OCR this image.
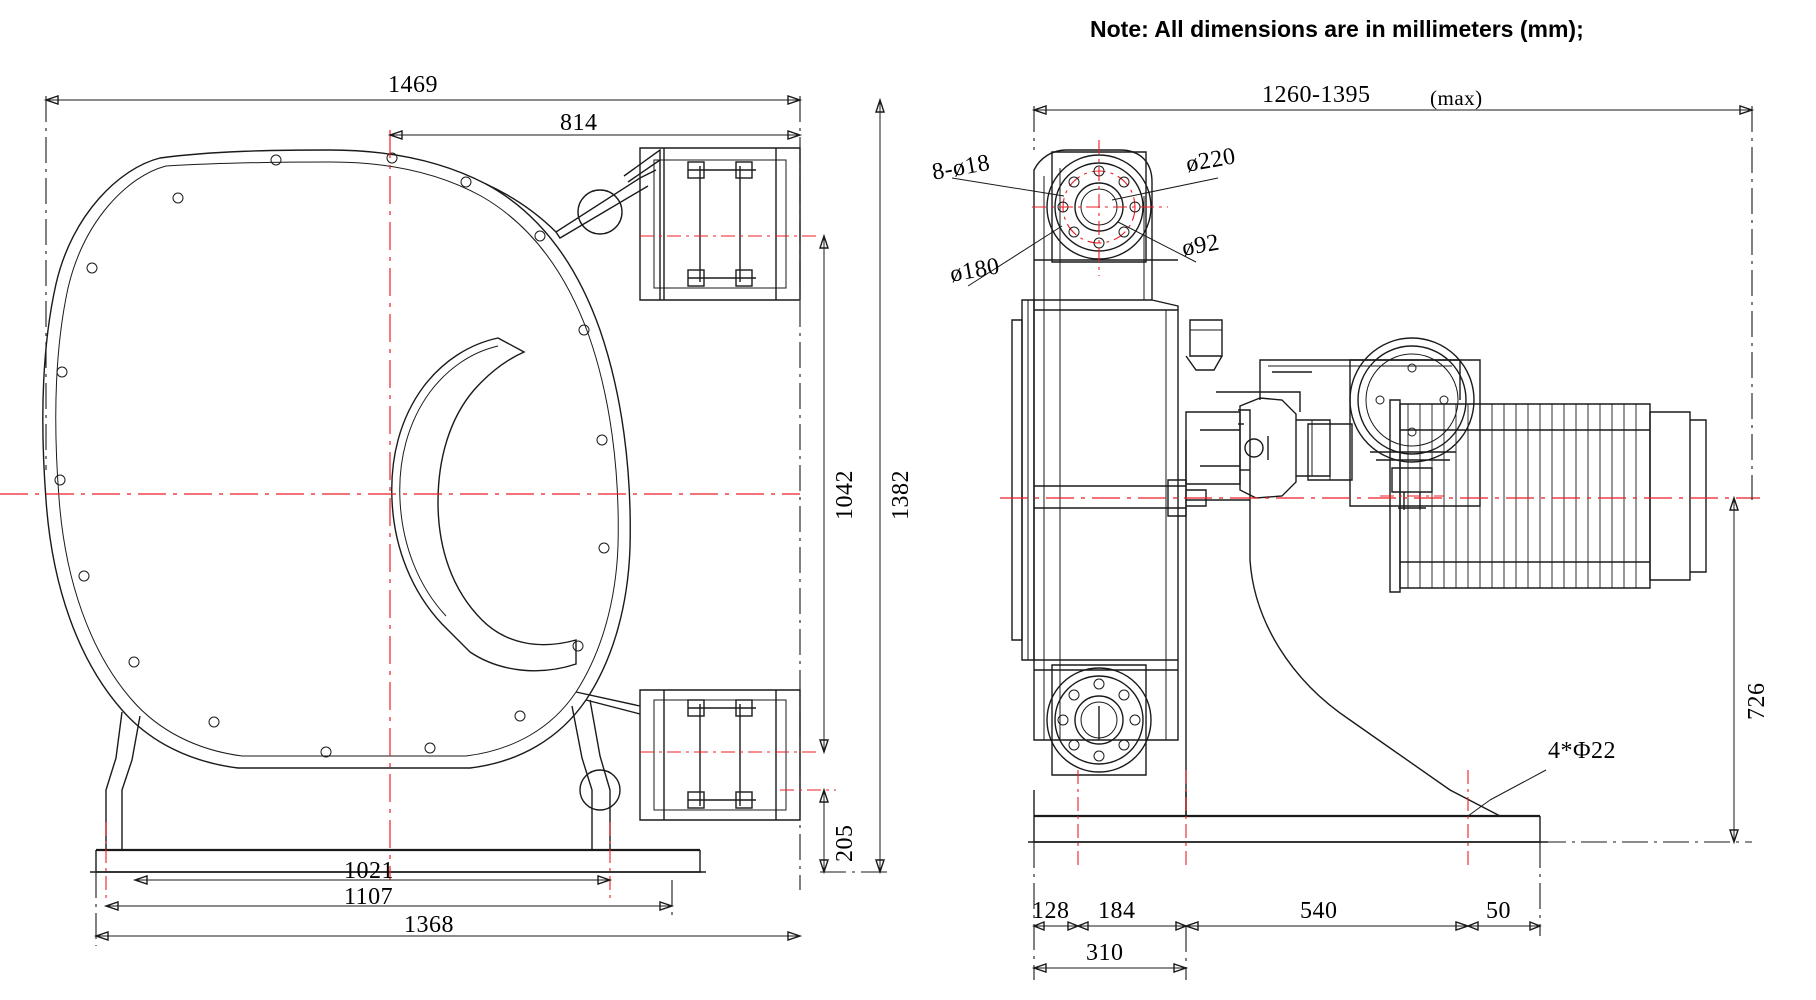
Note: All dimensions are in millimeters (mm);
1469
814
1042 1382
205
1021
1107
1368
1260-1395	(max)
8-ø18	ø220
ø92
ø180
726
4*Φ22
128 184	540	50
310
